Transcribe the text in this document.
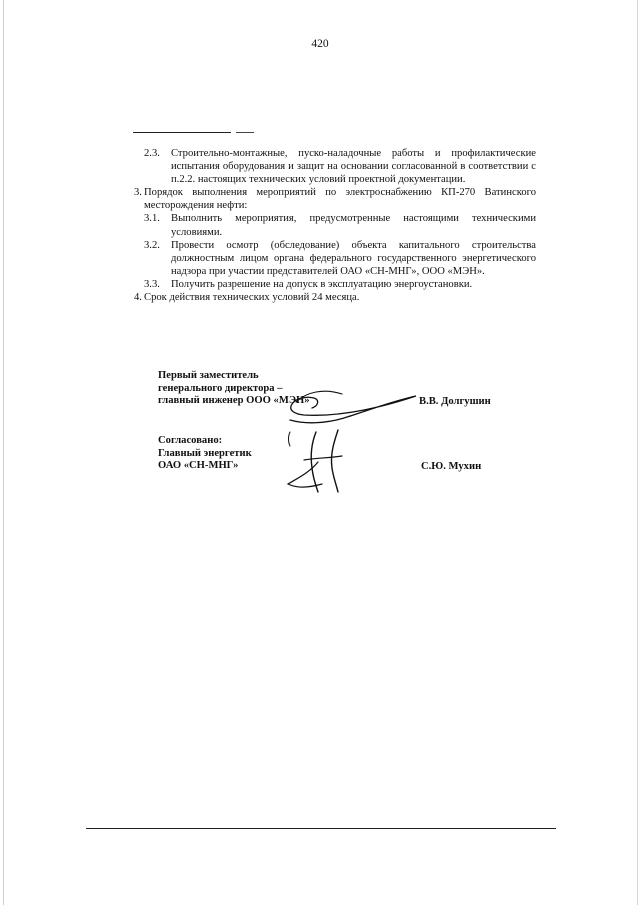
420
2.3.	Строительно-монтажные, пуско-наладочные работы и профилактические испытания оборудования и защит на основании согласованной в соответствии с п.2.2. настоящих технических условий проектной документации.
3. Порядок выполнения мероприятий по электроснабжению КП-270 Ватинского месторождения нефти:
3.1.	Выполнить мероприятия, предусмотренные настоящими техническими условиями.
3.2.	Провести осмотр (обследование) объекта капитального строительства должностным лицом органа федерального государственного энергетического надзора при участии представителей ОАО «СН-МНГ», ООО «МЭН».
3.3.	Получить разрешение на допуск в эксплуатацию энергоустановки.
4. Срок действия технических условий 24 месяца.
Первый заместитель
генерального директора –
главный инженер ООО «МЭН»	В.В. Долгушин
Согласовано:
Главный энергетик
ОАО «СН-МНГ»	С.Ю. Мухин
